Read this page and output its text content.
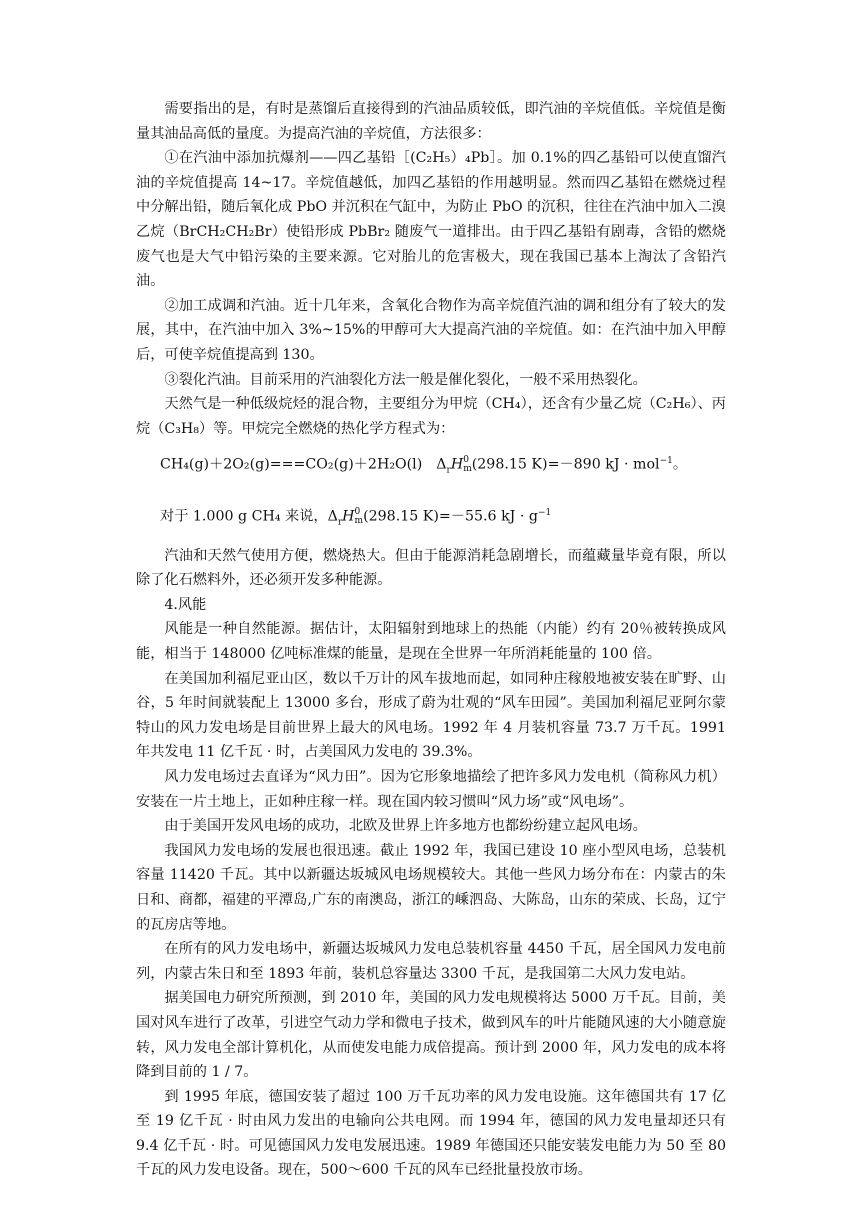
需要指出的是，有时是蒸馏后直接得到的汽油品质较低，即汽油的辛烷值低。辛烷值是衡量其油品高低的量度。为提高汽油的辛烷值，方法很多：

①在汽油中添加抗爆剂——四乙基铅［(C₂H₅）₄Pb］。加 0.1%的四乙基铅可以使直馏汽油的辛烷值提高 14~17。辛烷值越低，加四乙基铅的作用越明显。然而四乙基铅在燃烧过程中分解出铅，随后氧化成 PbO 并沉积在气缸中，为防止 PbO 的沉积，往往在汽油中加入二溴乙烷（BrCH₂CH₂Br）使铅形成 PbBr₂ 随废气一道排出。由于四乙基铅有剧毒，含铅的燃烧废气也是大气中铅污染的主要来源。它对胎儿的危害极大，现在我国已基本上淘汰了含铅汽油。

②加工成调和汽油。近十几年来，含氧化合物作为高辛烷值汽油的调和组分有了较大的发展，其中，在汽油中加入 3%~15%的甲醇可大大提高汽油的辛烷值。如：在汽油中加入甲醇后，可使辛烷值提高到 130。

③裂化汽油。目前采用的汽油裂化方法一般是催化裂化，一般不采用热裂化。

天然气是一种低级烷烃的混合物，主要组分为甲烷（CH₄），还含有少量乙烷（C₂H₆）、丙烷（C₃H₈）等。甲烷完全燃烧的热化学方程式为：

CH₄(g)＋2O₂(g)===CO₂(g)＋2H₂O(l) $\Delta_rH$ 0
m (298.15 K)=－890 kJ · mol$^{-1}$。

对于 1.000 g CH₄ 来说，$\Delta_rH$ 0
m (298.15 K)=－55.6 kJ · $g^{-1}$

汽油和天然气使用方便，燃烧热大。但由于能源消耗急剧增长，而蕴藏量毕竟有限，所以除了化石燃料外，还必须开发多种能源。

4.风能

风能是一种自然能源。据估计，太阳辐射到地球上的热能（内能）约有 20％被转换成风能，相当于 148000 亿吨标准煤的能量，是现在全世界一年所消耗能量的 100 倍。

在美国加利福尼亚山区，数以千万计的风车拔地而起，如同种庄稼般地被安装在旷野、山谷，5 年时间就装配上 13000 多台，形成了蔚为壮观的“风车田园”。美国加利福尼亚阿尔蒙特山的风力发电场是目前世界上最大的风电场。1992 年 4 月装机容量 73.7 万千瓦。1991 年共发电 11 亿千瓦 · 时，占美国风力发电的 39.3%。

风力发电场过去直译为“风力田”。因为它形象地描绘了把许多风力发电机（简称风力机）安装在一片土地上，正如种庄稼一样。现在国内较习惯叫“风力场”或“风电场”。

由于美国开发风电场的成功，北欧及世界上许多地方也都纷纷建立起风电场。

我国风力发电场的发展也很迅速。截止 1992 年，我国已建设 10 座小型风电场，总装机容量 11420 千瓦。其中以新疆达坂城风电场规模较大。其他一些风力场分布在：内蒙古的朱日和、商都，福建的平潭岛,广东的南澳岛，浙江的嵊泗岛、大陈岛，山东的荣成、长岛，辽宁的瓦房店等地。

在所有的风力发电场中，新疆达坂城风力发电总装机容量 4450 千瓦，居全国风力发电前列，内蒙古朱日和至 1893 年前，装机总容量达 3300 千瓦，是我国第二大风力发电站。

据美国电力研究所预测，到 2010 年，美国的风力发电规模将达 5000 万千瓦。目前，美国对风车进行了改革，引进空气动力学和微电子技术，做到风车的叶片能随风速的大小随意旋转，风力发电全部计算机化，从而使发电能力成倍提高。预计到 2000 年，风力发电的成本将降到目前的 1 / 7。

到 1995 年底，德国安装了超过 100 万千瓦功率的风力发电设施。这年德国共有 17 亿至 19 亿千瓦 · 时由风力发出的电输向公共电网。而 1994 年，德国的风力发电量却还只有 9.4 亿千瓦 · 时。可见德国风力发电发展迅速。1989 年德国还只能安装发电能力为 50 至 80 千瓦的风力发电设备。现在，500～600 千瓦的风车已经批量投放市场。
